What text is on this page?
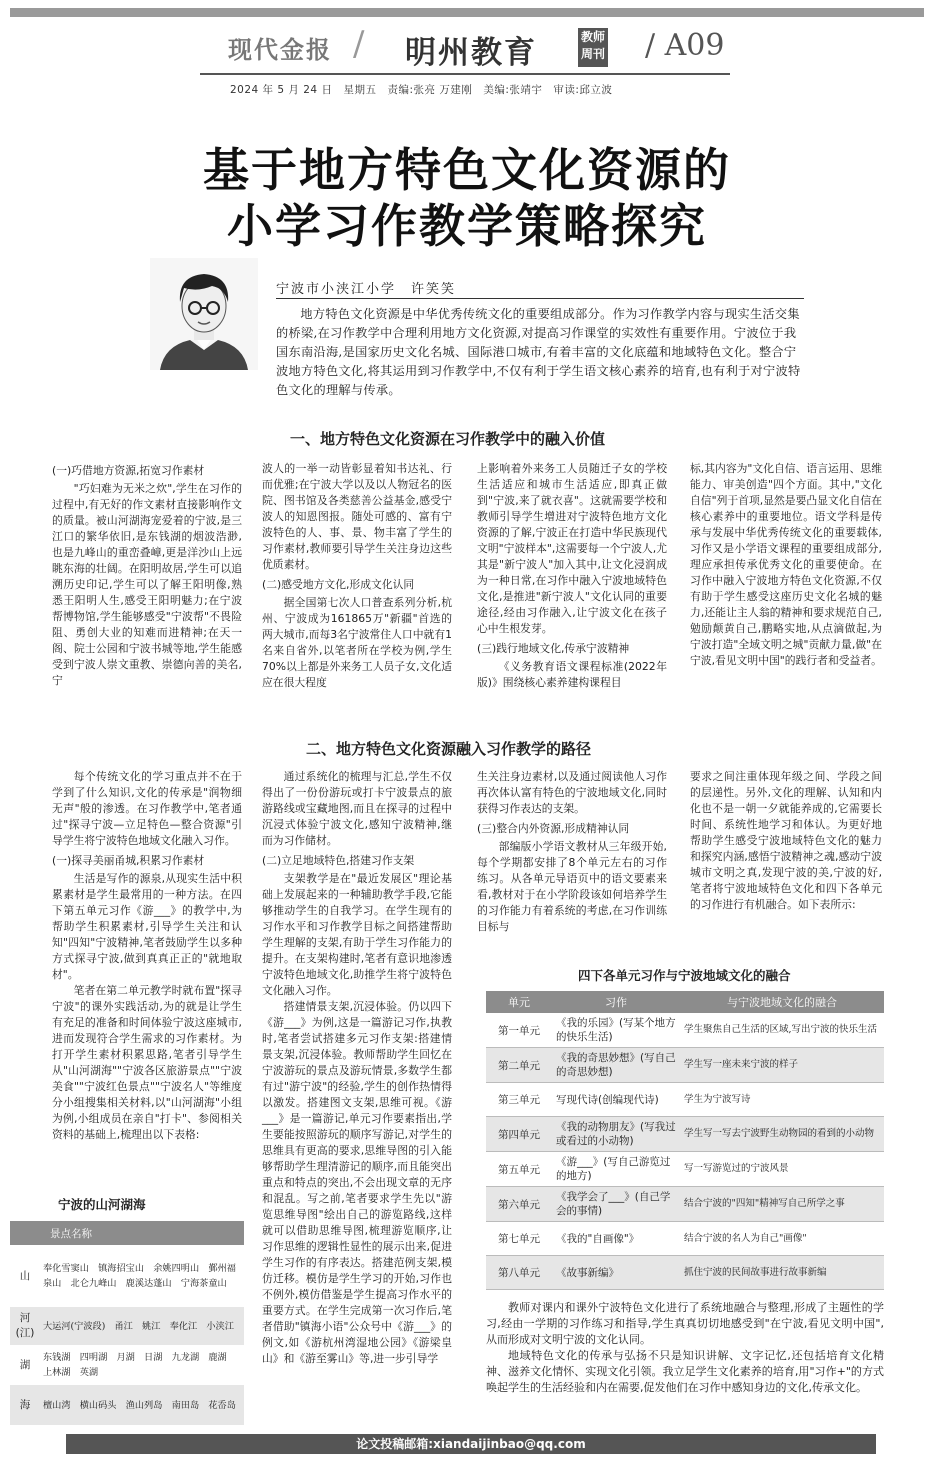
现代金报 / 明州教育	教师周刊 / A09
2024 年 5 月 24 日　星期五　责编:张亮 万建刚　美编:张靖宇　审读:邱立波
基于地方特色文化资源的
小学习作教学策略探究
宁波市小浃江小学　许笑笑
地方特色文化资源是中华优秀传统文化的重要组成部分。作为习作教学内容与现实生活交集的桥梁,在习作教学中合理利用地方文化资源,对提高习作课堂的实效性有重要作用。宁波位于我国东南沿海,是国家历史文化名城、国际港口城市,有着丰富的文化底蕴和地域特色文化。整合宁波地方特色文化,将其运用到习作教学中,不仅有利于学生语文核心素养的培育,也有利于对宁波特色文化的理解与传承。
一、地方特色文化资源在习作教学中的融入价值

(一)巧借地方资源,拓宽习作素材

"巧妇难为无米之炊",学生在习作的过程中,有无好的作文素材直接影响作文的质量。被山河湖海宠爱着的宁波,是三江口的繁华依旧,是东钱湖的烟波浩渺,也是九峰山的重峦叠嶂,更是洋沙山上远眺东海的壮阔。在阳明故居,学生可以追溯历史印记,学生可以了解王阳明像,熟悉王阳明人生,感受王阳明魅力;在宁波帮博物馆,学生能够感受"宁波帮"不畏险阻、勇创大业的知难而进精神;在天一阁、院士公园和宁波书城等地,学生能感受到宁波人崇文重教、崇德向善的美名,宁

波人的一举一动皆彰显着知书达礼、行而优雅;在宁波大学以及以人物冠名的医院、图书馆及各类慈善公益基金,感受宁波人的知恩图报。随处可感的、富有宁波特色的人、事、景、物丰富了学生的习作素材,教师要引导学生关注身边这些优质素材。

(二)感受地方文化,形成文化认同

据全国第七次人口普查系列分析,杭州、宁波成为161865万"新疆"首选的两大城市,而每3名宁波常住人口中就有1名来自省外,以笔者所在学校为例,学生70%以上都是外来务工人员子女,文化适应在很大程度

上影响着外来务工人员随迁子女的学校生活适应和城市生活适应,即真正做到"宁波,来了就衣喜"。这就需要学校和教师引导学生增进对宁波特色地方文化资源的了解,宁波正在打造中华民族现代文明"宁波样本",这需要每一个宁波人,尤其是"新宁波人"加入其中,让文化浸润成为一种日常,在习作中融入宁波地域特色文化,是推进"新宁波人"文化认同的重要途径,经由习作融入,让宁波文化在孩子心中生根发芽。

(三)践行地域文化,传承宁波精神

《义务教育语文课程标准(2022年版)》围绕核心素养建构课程目

标,其内容为"文化自信、语言运用、思维能力、审美创造"四个方面。其中,"文化自信"列于首项,显然是要凸显文化自信在核心素养中的重要地位。语文学科是传承与发展中华优秀传统文化的重要载体,习作又是小学语文课程的重要组成部分,理应承担传承优秀文化的重要使命。在习作中融入宁波地方特色文化资源,不仅有助于学生感受这座历史文化名城的魅力,还能让主人翁的精神和要求规范自己,勉励颠黄自己,鹏略实地,从点滴做起,为宁波打造"全域文明之城"贡献力量,做"在宁波,看见文明中国"的践行者和受益者。

二、地方特色文化资源融入习作教学的路径

每个传统文化的学习重点并不在于学到了什么知识,文化的传承是"润物细无声"般的渗透。在习作教学中,笔者通过"探寻宁波—立足特色—整合资源"引导学生将宁波特色地域文化融入习作。

(一)探寻美丽甬城,积累习作素材

生活是写作的源泉,从现实生活中积累素材是学生最常用的一种方法。在四下第五单元习作《游___》的教学中,为帮助学生积累素材,引导学生关注和认知"四知"宁波精神,笔者鼓励学生以多种方式探寻宁波,做到真真正正的"就地取材"。

笔者在第二单元教学时就布置"探寻宁波"的课外实践活动,为的就是让学生有充足的准备和时间体验宁波这座城市,进而发现符合学生需求的习作素材。为打开学生素材积累思路,笔者引导学生从"山河湖海""宁波各区旅游景点""宁波美食""宁波红色景点""宁波名人"等维度分小组搜集相关材料,以"山河湖海"小组为例,小组成员在亲自"打卡"、参阅相关资料的基础上,梳理出以下表格:

通过系统化的梳理与汇总,学生不仅得出了一份份游玩或打卡宁波景点的旅游路线或宝藏地图,而且在探寻的过程中沉浸式体验宁波文化,感知宁波精神,继而为习作储材。

(二)立足地域特色,搭建习作支架

支架教学是在"最近发展区"理论基础上发展起来的一种辅助教学手段,它能够推动学生的自我学习。在学生现有的习作水平和习作教学目标之间搭建帮助学生理解的支架,有助于学生习作能力的提升。在支架构建时,笔者有意识地渗透宁波特色地域文化,助推学生将宁波特色文化融入习作。

搭建情景支架,沉浸体验。仍以四下《游___》为例,这是一篇游记习作,执教时,笔者尝试搭建多元习作支架:搭建情景支架,沉浸体验。教师帮助学生回忆在宁波游玩的景点及游玩情景,多数学生都有过"游宁波"的经验,学生的创作热情得以激发。搭建图文支架,思维可视。《游___》是一篇游记,单元习作要素指出,学生要能按照游玩的顺序写游记,对学生的思维具有更高的要求,思维导图的引入能够帮助学生理清游记的顺序,而且能突出重点和特点的突出,不会出现文章的无序和混乱。写之前,笔者要求学生先以"游览思维导图"绘出自己的游览路线,这样就可以借助思维导图,梳理游览顺序,让习作思维的逻辑性显性的展示出来,促进学生习作的有序表达。搭建范例支架,模仿迁移。模仿是学生学习的开始,习作也不例外,模仿借鉴是学生提高习作水平的重要方式。在学生完成第一次习作后,笔者借助"镇海小语"公众号中《游___》的例文,如《游杭州湾湿地公园》《游梁皇山》和《游至雾山》等,进一步引导学

生关注身边素材,以及通过阅读他人习作再次体认富有特色的宁波地域文化,同时获得习作表达的支架。

(三)整合内外资源,形成精神认同

部编版小学语文教材从三年级开始,每个学期都安排了8个单元左右的习作练习。从各单元导语页中的语文要素来看,教材对于在小学阶段该如何培养学生的习作能力有着系统的考虑,在习作训练目标与

要求之间注重体现年级之间、学段之间的层递性。另外,文化的理解、认知和内化也不是一朝一夕就能养成的,它需要长时间、系统性地学习和体认。为更好地帮助学生感受宁波地域特色文化的魅力和探究内涵,感悟宁波精神之魂,感动宁波城市文明之真,发现宁波的美,宁波的好,笔者将宁波地域特色文化和四下各单元的习作进行有机融合。如下表所示:

四下各单元习作与宁波地域文化的融合
单元	习作	与宁波地域文化的融合
第一单元	《我的乐园》(写某个地方的快乐生活)	学生聚焦自己生活的区域,写出宁波的快乐生活
第二单元	《我的奇思妙想》(写自己的奇思妙想)	学生写一座未来宁波的样子
第三单元	写现代诗(创编现代诗)	学生为宁波写诗
第四单元	《我的动物朋友》(写我过或看过的小动物)	学生写一写去宁波野生动物园的看到的小动物
第五单元	《游___》(写自己游览过的地方)	写一写游览过的宁波风景
第六单元	《我学会了___》(自己学会的事情)	结合宁波的"四知"精神写自己所学之事
第七单元	《我的"自画像"》	结合宁波的名人为自己"画像"
第八单元	《故事新编》	抓住宁波的民间故事进行故事新编

教师对课内和课外宁波特色文化进行了系统地融合与整理,形成了主题性的学习,经由一学期的习作练习和指导,学生真真切切地感受到"在宁波,看见文明中国",从而形成对文明宁波的文化认同。

地域特色文化的传承与弘扬不只是知识讲解、文字记忆,还包括培育文化精神、滋养文化情怀、实现文化引领。我立足学生文化素养的培育,用"习作+"的方式唤起学生的生活经验和内在需要,促发他们在习作中感知身边的文化,传承文化。

宁波的山河湖海
景点名称	
山	奉化雪窦山　镇海招宝山　余姚四明山　鄞州福泉山　北仑九峰山　鹿溪达蓬山　宁海茶童山
河(江)	大运河(宁波段)　甬江　姚江　奉化江　小浃江
湖	东钱湖　四明湖　月湖　日湖　九龙湖　鹿湖　上林湖　英湖
海	檀山湾　横山码头　渔山列岛　南田岛　花岙岛
论文投稿邮箱:xiandaijinbao@qq.com
